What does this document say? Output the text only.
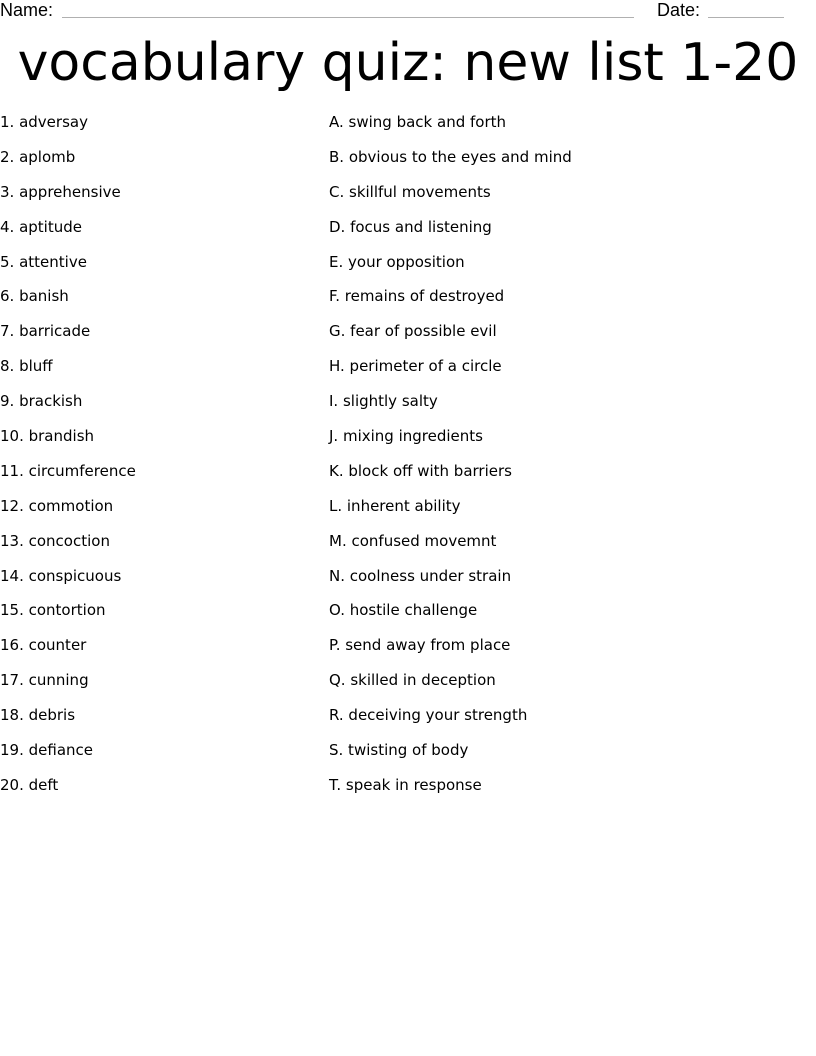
Name:	Date:
vocabulary quiz: new list 1-20
1. adversay
2. aplomb
3. apprehensive
4. aptitude
5. attentive
6. banish
7. barricade
8. bluff
9. brackish
10. brandish
11. circumference
12. commotion
13. concoction
14. conspicuous
15. contortion
16. counter
17. cunning
18. debris
19. defiance
20. deft
A. swing back and forth
B. obvious to the eyes and mind
C. skillful movements
D. focus and listening
E. your opposition
F. remains of destroyed
G. fear of possible evil
H. perimeter of a circle
I. slightly salty
J. mixing ingredients
K. block off with barriers
L. inherent ability
M. confused movemnt
N. coolness under strain
O. hostile challenge
P. send away from place
Q. skilled in deception
R. deceiving your strength
S. twisting of body
T. speak in response
